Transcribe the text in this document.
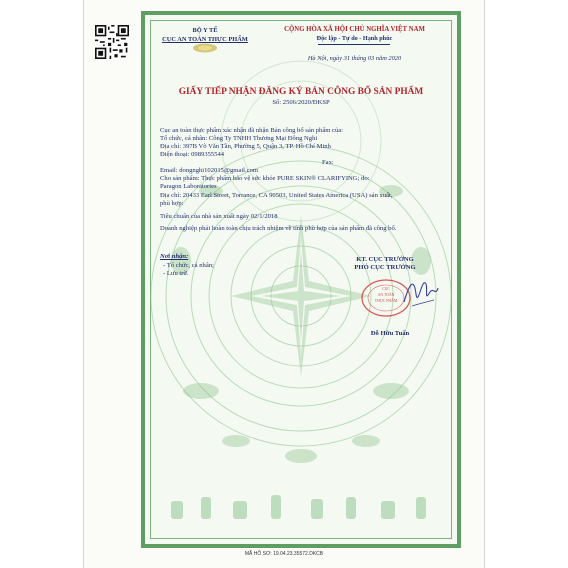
BỘ Y TẾ
CỤC AN TOÀN THỰC PHẨM
CỘNG HÒA XÃ HỘI CHỦ NGHĨA VIỆT NAM
Độc lập - Tự do - Hạnh phúc
Hà Nội, ngày 31 tháng 03 năm 2020
GIẤY TIẾP NHẬN ĐĂNG KÝ BẢN CÔNG BỐ SẢN PHẨM
Số: 2506/2020/ĐKSP
Cục an toàn thực phẩm xác nhận đã nhận Bản công bố sản phẩm của:
Tổ chức, cá nhân: Công Ty TNHH Thương Mại Đông Nghi
Địa chỉ: 397B Võ Văn Tần, Phường 5, Quận 3, TP. Hồ Chí Minh
Điện thoại: 0989355544
Fax:
Email: dongnghi102015@gmail.com
Cho sản phẩm: Thực phẩm bảo vệ sức khỏe PURE SKIN® CLARIFYING; do:
Paragon Laboratories
Địa chỉ: 20433 Earl Street, Torrance, CA 90503, United States America (USA) sản xuất,
phù hợp:
Tiêu chuẩn của nhà sản xuất ngày 02/1/2018
Doanh nghiệp phải hoàn toàn chịu trách nhiệm về tính phù hợp của sản phẩm đã công bố.
Nơi nhận:
- Tổ chức, cá nhân;
- Lưu trữ.
KT. CỤC TRƯỞNG
PHÓ CỤC TRƯỞNG
CỤC
AN TOÀN
THỰC PHẨM
Đỗ Hữu Tuấn
MÃ HỒ SƠ: 19.04.23.35572.DKCB
